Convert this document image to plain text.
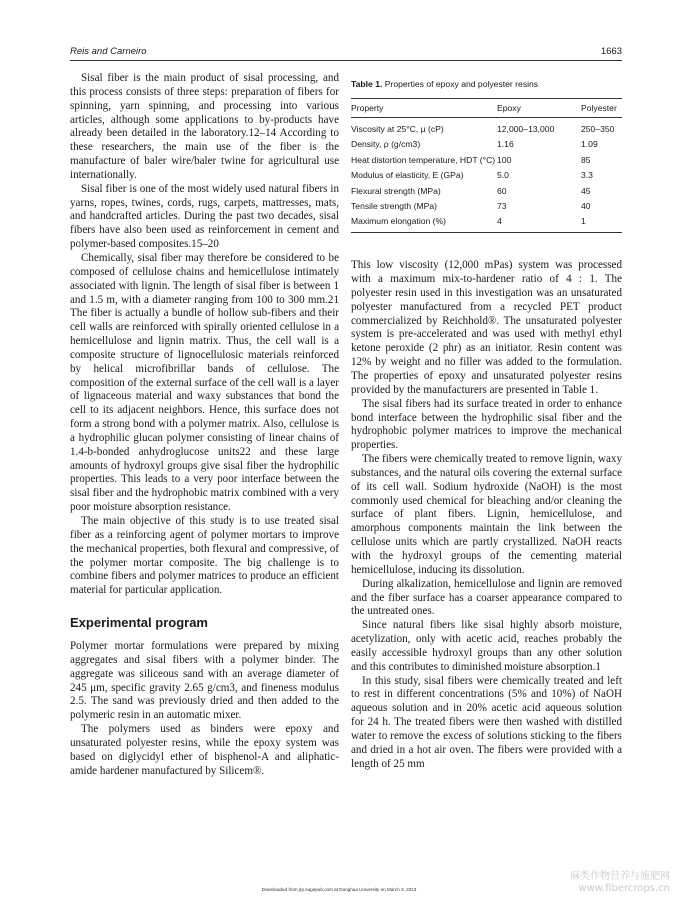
Reis and Carneiro	1663

Sisal fiber is the main product of sisal processing, and this process consists of three steps: preparation of fibers for spinning, yarn spinning, and processing into various articles, although some applications to by-products have already been detailed in the laboratory.12–14 According to these researchers, the main use of the fiber is the manufacture of baler wire/baler twine for agricultural use internationally.

Sisal fiber is one of the most widely used natural fibers in yarns, ropes, twines, cords, rugs, carpets, mattresses, mats, and handcrafted articles. During the past two decades, sisal fibers have also been used as reinforcement in cement and polymer-based composites.15–20

Chemically, sisal fiber may therefore be considered to be composed of cellulose chains and hemicellulose intimately associated with lignin. The length of sisal fiber is between 1 and 1.5 m, with a diameter ranging from 100 to 300 mm.21 The fiber is actually a bundle of hollow sub-fibers and their cell walls are reinforced with spirally oriented cellulose in a hemicellulose and lignin matrix. Thus, the cell wall is a composite structure of lignocellulosic materials reinforced by helical microfibrillar bands of cellulose. The composition of the external surface of the cell wall is a layer of lignaceous material and waxy substances that bond the cell to its adjacent neighbors. Hence, this surface does not form a strong bond with a polymer matrix. Also, cellulose is a hydrophilic glucan polymer consisting of linear chains of 1.4-b-bonded anhydroglucose units22 and these large amounts of hydroxyl groups give sisal fiber the hydrophilic properties. This leads to a very poor interface between the sisal fiber and the hydrophobic matrix combined with a very poor moisture absorption resistance.

The main objective of this study is to use treated sisal fiber as a reinforcing agent of polymer mortars to improve the mechanical properties, both flexural and compressive, of the polymer mortar composite. The big challenge is to combine fibers and polymer matrices to produce an efficient material for particular application.

Experimental program

Polymer mortar formulations were prepared by mixing aggregates and sisal fibers with a polymer binder. The aggregate was siliceous sand with an average diameter of 245 μm, specific gravity 2.65 g/cm3, and fineness modulus 2.5. The sand was previously dried and then added to the polymeric resin in an automatic mixer.

The polymers used as binders were epoxy and unsaturated polyester resins, while the epoxy system was based on diglycidyl ether of bisphenol-A and aliphatic-amide hardener manufactured by Silicem®.

Table 1. Properties of epoxy and polyester resins
Property	Epoxy	Polyester
Viscosity at 25°C, μ (cP)	12,000–13,000	250–350
Density, ρ (g/cm3)	1.16	1.09
Heat distortion temperature, HDT (°C)	100	85
Modulus of elasticity, E (GPa)	5.0	3.3
Flexural strength (MPa)	60	45
Tensile strength (MPa)	73	40
Maximum elongation (%)	4	1

This low viscosity (12,000 mPas) system was processed with a maximum mix-to-hardener ratio of 4 : 1. The polyester resin used in this investigation was an unsaturated polyester manufactured from a recycled PET product commercialized by Reichhold®. The unsaturated polyester system is pre-accelerated and was used with methyl ethyl ketone peroxide (2 phr) as an initiator. Resin content was 12% by weight and no filler was added to the formulation. The properties of epoxy and unsaturated polyester resins provided by the manufacturers are presented in Table 1.

The sisal fibers had its surface treated in order to enhance bond interface between the hydrophilic sisal fiber and the hydrophobic polymer matrices to improve the mechanical properties.

The fibers were chemically treated to remove lignin, waxy substances, and the natural oils covering the external surface of its cell wall. Sodium hydroxide (NaOH) is the most commonly used chemical for bleaching and/or cleaning the surface of plant fibers. Lignin, hemicellulose, and amorphous components maintain the link between the cellulose units which are partly crystallized. NaOH reacts with the hydroxyl groups of the cementing material hemicellulose, inducing its dissolution.

During alkalization, hemicellulose and lignin are removed and the fiber surface has a coarser appearance compared to the untreated ones.

Since natural fibers like sisal highly absorb moisture, acetylization, only with acetic acid, reaches probably the easily accessible hydroxyl groups than any other solution and this contributes to diminished moisture absorption.1

In this study, sisal fibers were chemically treated and left to rest in different concentrations (5% and 10%) of NaOH aqueous solution and in 20% acetic acid aqueous solution for 24 h. The treated fibers were then washed with distilled water to remove the excess of solutions sticking to the fibers and dried in a hot air oven. The fibers were provided with a length of 25 mm

Downloaded from jrp.sagepub.com at Donghua University on March 3, 2013
麻类作物营养与施肥网
www.fibercrops.cn
